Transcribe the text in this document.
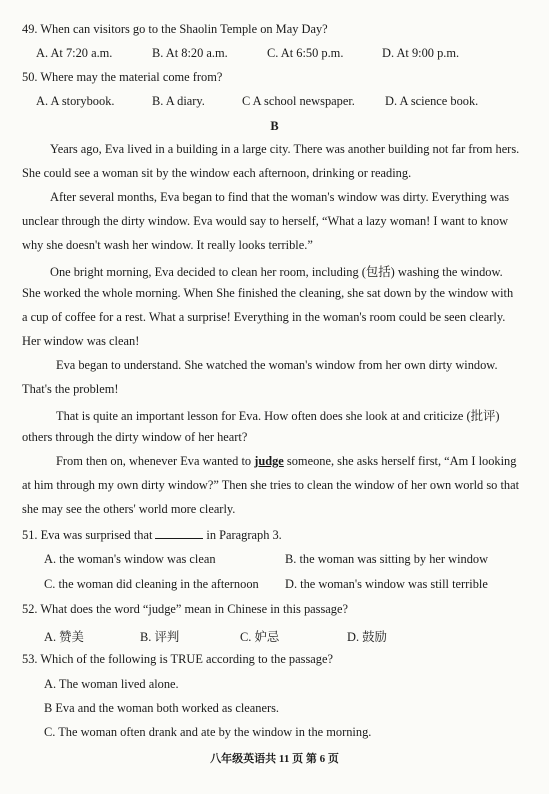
49. When can visitors go to the Shaolin Temple on May Day?
A. At 7:20 a.m.	B. At 8:20 a.m.	C. At 6:50 p.m.	D. At 9:00 p.m.
50. Where may the material come from?
A. A storybook.	B. A diary.	C A school newspaper. D. A science book.
B
Years ago, Eva lived in a building in a large city. There was another building not far from hers.
She could see a woman sit by the window each afternoon, drinking or reading.
After several months, Eva began to find that the woman's window was dirty. Everything was
unclear through the dirty window. Eva would say to herself, “What a lazy woman! I want to know
why she doesn't wash her window. It really looks terrible.”
One bright morning, Eva decided to clean her room, including (包括) washing the window.
She worked the whole morning. When She finished the cleaning, she sat down by the window with
a cup of coffee for a rest. What a surprise! Everything in the woman's room could be seen clearly.
Her window was clean!
Eva began to understand. She watched the woman's window from her own dirty window.
That's the problem!
That is quite an important lesson for Eva. How often does she look at and criticize (批评)
others through the dirty window of her heart?
From then on, whenever Eva wanted to judge someone, she asks herself first, “Am I looking
at him through my own dirty window?” Then she tries to clean the window of her own world so that
she may see the others' world more clearly.
51. Eva was surprised that	in Paragraph 3.
A. the woman's window was clean	B. the woman was sitting by her window
C. the woman did cleaning in the afternoon D. the woman's window was still terrible
52. What does the word “judge” mean in Chinese in this passage?
A. 赞美	B. 评判	C. 妒忌	D. 鼓励
53. Which of the following is TRUE according to the passage?
A. The woman lived alone.
B Eva and the woman both worked as cleaners.
C. The woman often drank and ate by the window in the morning.
八年级英语共 11 页 第 6 页
